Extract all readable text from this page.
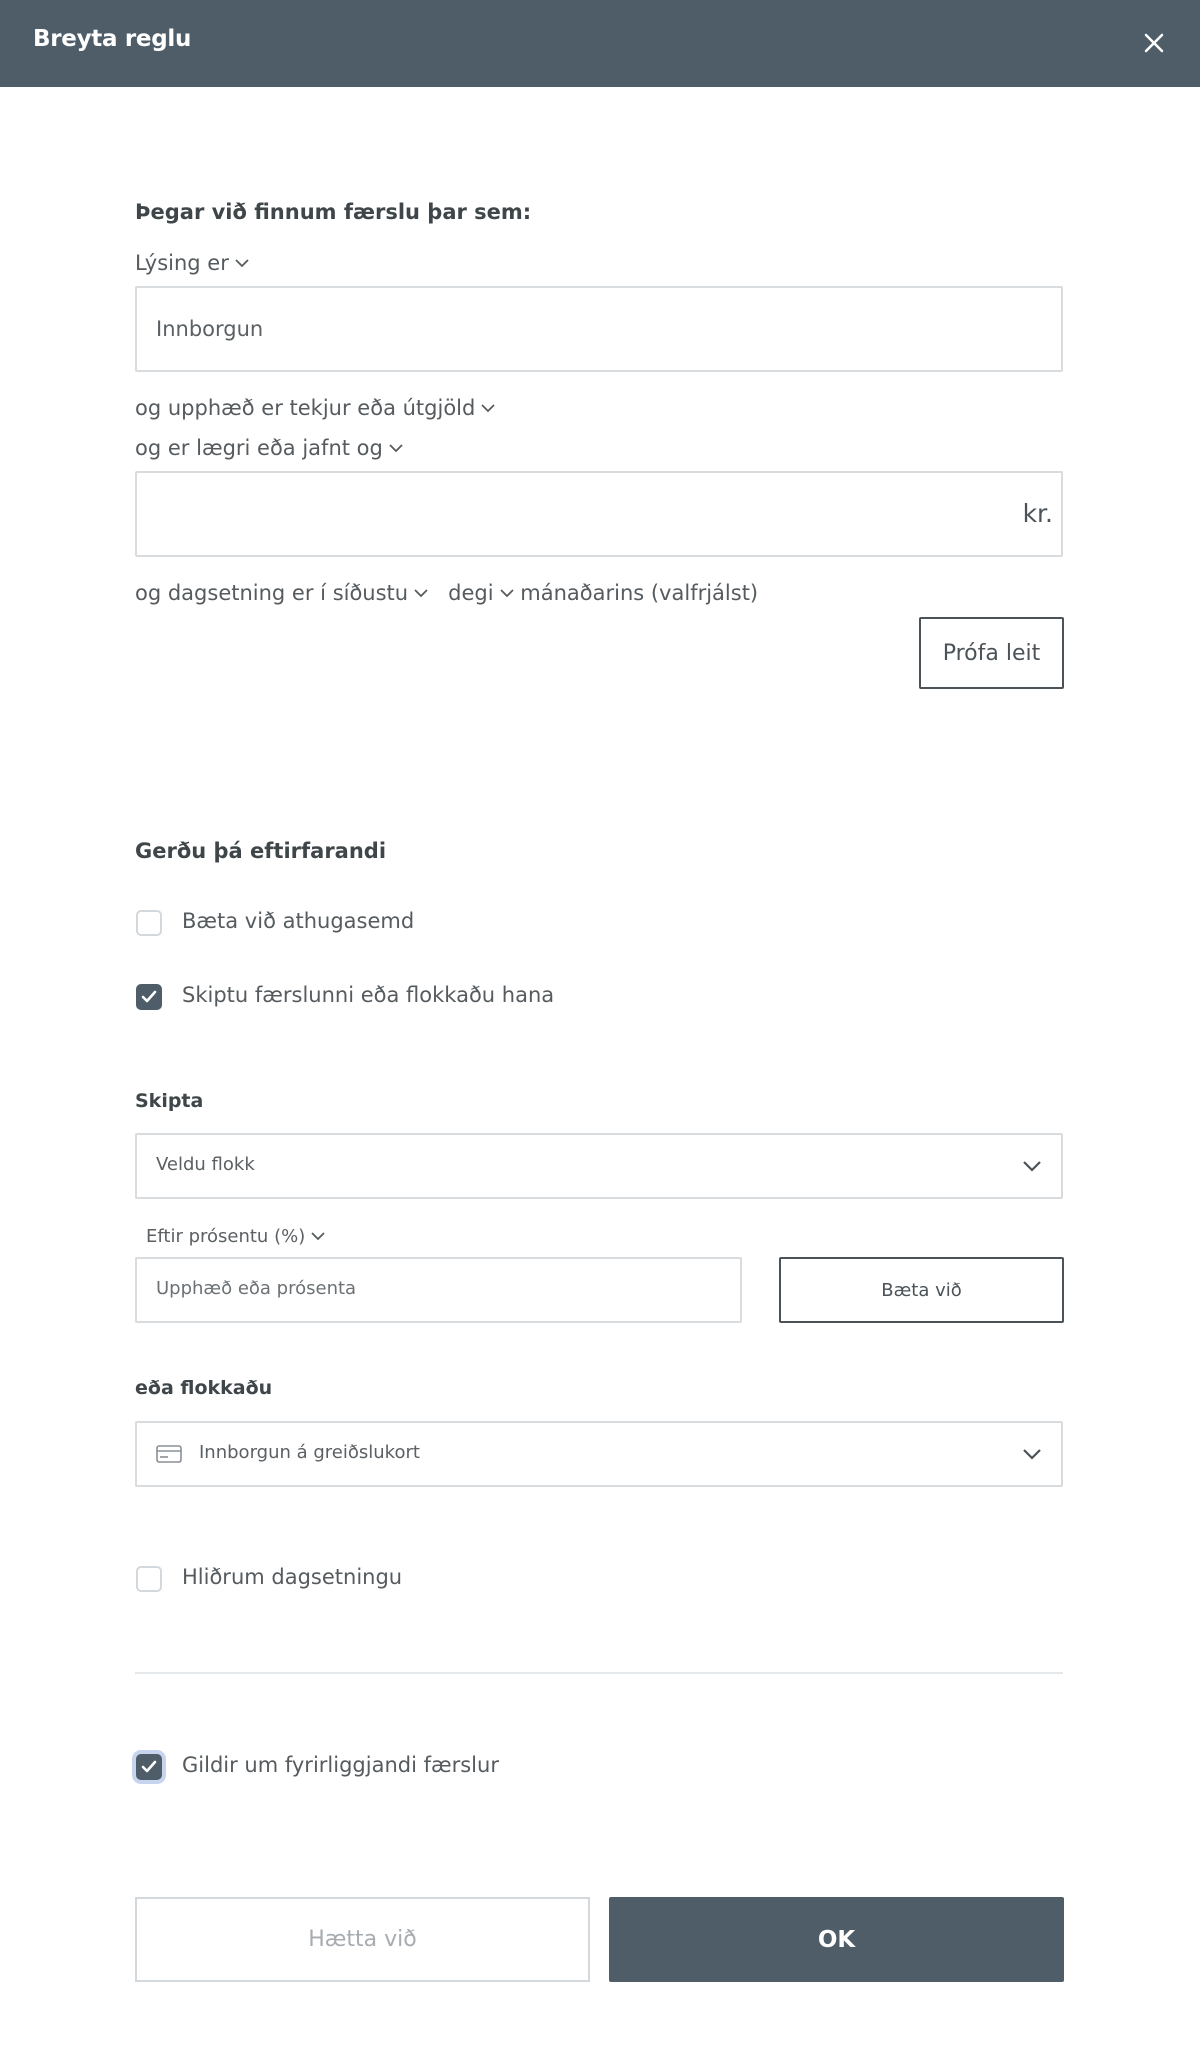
Breyta reglu
Þegar við finnum færslu þar sem:
Lýsing er
Innborgun
og upphæð er tekjur eða útgjöld
og er lægri eða jafnt og
kr.
og dagsetning er í síðustu
degi mánaðarins (valfrjálst)
Prófa leit
Gerðu þá eftirfarandi
Bæta við athugasemd
Skiptu færslunni eða flokkaðu hana
Skipta
Veldu flokk
Eftir prósentu (%)
Upphæð eða prósenta	Bæta við
eða flokkaðu
Innborgun á greiðslukort
Hliðrum dagsetningu
Gildir um fyrirliggjandi færslur
Hætta við	OK
